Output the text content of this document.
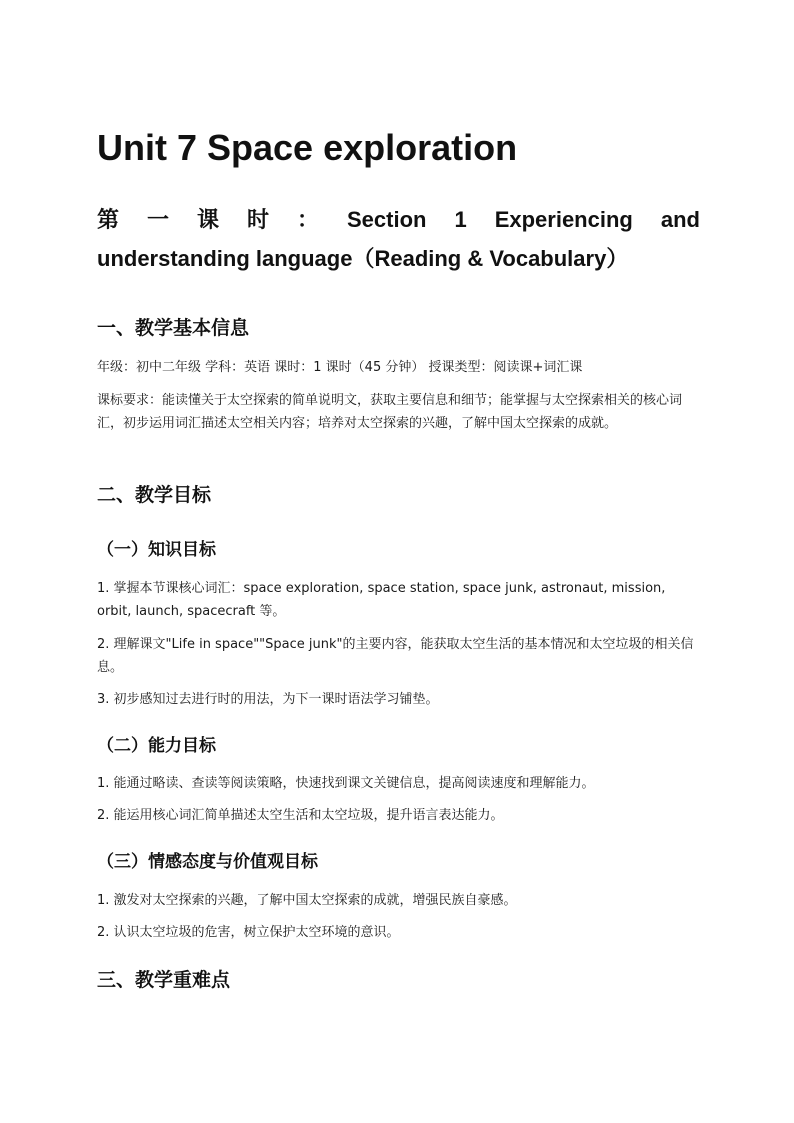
Unit 7 Space exploration
第 一 课 时 ： Section 1 Experiencing and
understanding language（Reading & Vocabulary）
一、教学基本信息

年级：初中二年级 学科：英语 课时：1 课时（45 分钟） 授课类型：阅读课+词汇课

课标要求：能读懂关于太空探索的简单说明文，获取主要信息和细节；能掌握与太空探索相关的核心词汇，初步运用词汇描述太空相关内容；培养对太空探索的兴趣，了解中国太空探索的成就。

二、教学目标
（一）知识目标

1. 掌握本节课核心词汇：space exploration, space station, space junk, astronaut, mission, orbit, launch, spacecraft 等。

2. 理解课文"Life in space""Space junk"的主要内容，能获取太空生活的基本情况和太空垃圾的相关信息。

3. 初步感知过去进行时的用法，为下一课时语法学习铺垫。

（二）能力目标

1. 能通过略读、查读等阅读策略，快速找到课文关键信息，提高阅读速度和理解能力。

2. 能运用核心词汇简单描述太空生活和太空垃圾，提升语言表达能力。

（三）情感态度与价值观目标

1. 激发对太空探索的兴趣，了解中国太空探索的成就，增强民族自豪感。

2. 认识太空垃圾的危害，树立保护太空环境的意识。

三、教学重难点
